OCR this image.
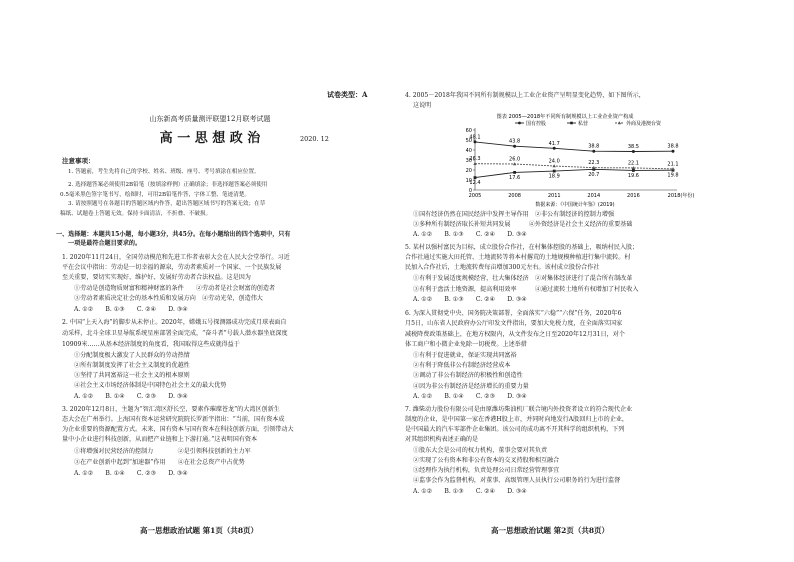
试卷类型：A
山东新高考质量测评联盟12月联考试题
高 一 思 想 政 治	2020. 12
注意事项：
1. 答题前，考生先将自己的学校、姓名、班级、座号、考号填涂在相应位置。
2. 选择题答案必须使用2B铅笔（按填涂样例）正确填涂；非选择题答案必须使用
0.5毫米黑色签字笔书写，绘图时，可用2B铅笔作答，字体工整、笔迹清楚。
3. 请按照题号在各题目的答题区域内作答，超出答题区域书写的答案无效；在草
稿纸、试题卷上答题无效。保持卡面清洁，不折叠、不破损。
一、选择题：本题共15小题，每小题3分，共45分。在每小题给出的四个选项中，只有
一项是最符合题目要求的。
1. 2020年11月24日，全国劳动模范和先进工作者表彰大会在人民大会堂举行。习近
平在会议中指出：劳动是一切幸福的源泉，劳动者素质对一个国家、一个民族发展
至关重要，要切实实现好、维护好、发展好劳动者合法权益。这是因为
①劳动是创造物质财富和精神财富的条件　　②劳动者是社会财富的创造者
③劳动者素质决定社会的基本性质和发展方向　④劳动光荣，创造伟大
A. ①②　　B. ①③　　C. ②④　　D. ③④
2. 中国“上天入海”的脚步从未停止。2020年，嫦娥五号探测器成功完成月球表面自
动采样，北斗全球卫星导航系统星座部署全面完成，“奋斗者”号载人潜水器坐底深度
10909米……从基本经济制度的角度看，我国取得这些成就得益于
①分配制度极大激发了人民群众的劳动热情
②所有制制度发挥了社会主义制度的优越性
③坚持了共同富裕这一社会主义的根本原则
④社会主义市场经济体制是中国特色社会主义的最大优势
A. ①②　　B. ①④　　C. ②③　　D. ③④
3. 2020年12月8日，主题为“智汇湾区舒长空，要素作璀璨苍龙”的大湾区创新生
态大会在广州举行。上海国有资本运营研究院院长罗新宇指出：“当前，国有资本成
为企业重要的资源配置方式。未来，国有资本与国有资本在科技创新方面，引领带动大
量中小企业进行科技创新，从而把产业链和上下游打通。”这表明国有资本
①将增强对民营经济的控制力　　　　②是引领科技创新的主力军
③在产业创新中起到“加速器”作用　　④在社会总资产中占优势
A. ①②　　B. ①④　　C. ②③　　D. ③④
高一思想政治试题 第1页（共8页）
4. 2005－2018年我国不同所有制规模以上工业企业资产呈明显变化趋势，如下图所示，
这说明
图表 2005—2018年不同所有制规模以上工业企业资产构成
国有控股	私营	外商及港澳台资
0
10
20
30
40
50
60
2005	2008	2011	2014	2016	2018(年份)
48.1
43.8	41.7	38.8	38.5	38.8
12.4
17.6	18.9	20.7	19.6	19.8
26.3	26.0	24.0	22.3	22.1	21.1
数据来源：《中国统计年鉴》(2019)
①国有经济仍然在国民经济中发挥主导作用　②非公有制经济的控制力增强
③多种所有制经济取长补短共同发展　　　④外资经济是社会主义经济的重要基础
A. ①②　　B. ①③　　C. ②④　　D. ③④
5. 某村以强村富民为目标，成立股份合作社，在村集体控股的基础上，吸纳村民入股；
合作社通过实施大田托管、土地流转等将本村撂荒的土地规模种植进行集中流转。村
民加入合作社后，土地流转费每亩增加300元左右。该村成立股份合作社
①有利于发展适度规模经营，壮大集体经济　②对集体经济进行了混合所有制改革
③有利于盘活土地资源，提高利用效率　　　④通过流转土地所有权增加了村民收入
A. ①②　　B. ①③　　C. ②④　　D. ③④
6. 为深入贯彻党中央、国务院决策部署，全面落实“六稳”“六保”任务，2020年6
月5日，山东省人民政府办公厅印发文件指出，要加大免税力度，在全面落实国家
减税降费政策基础上，在地方权限内，从文件发布之日至2020年12月31日，对个
体工商户和小微企业免除一切税费。上述举措
①有利于促进就业，保证实现共同富裕
②有利于降低非公有制经济经营成本
③调动了非公有制经济的积极性和创造性
④因为非公有制经济是经济增长的重要力量
A. ①②　　B. ①④　　C. ②③　　D. ③④
7. 潍柴动力股份有限公司是由原潍坊柴油机厂联合境内外投资者设立的符合现代企业
制度的企业，是中国第一家在香港H股上市，并同时向地发行A股回归上市的企业，
是中国最大的汽车零部件企业集团。该公司的成功离不开其科学的组织机构，下列
对其组织机构表述正确的是
①股东大会是公司的权力机构，董事会要对其负责
②实现了公有资本和非公有资本的交叉持股和相互融合
③经理作为执行机构，负责处理公司日常经营管理事宜
④监事会作为监督机构，对董事、高级管理人员执行公司职务的行为进行监督
A. ①②　　B. ①③　　C. ②④　　D. ③④
高一思想政治试题 第2页（共8页）
